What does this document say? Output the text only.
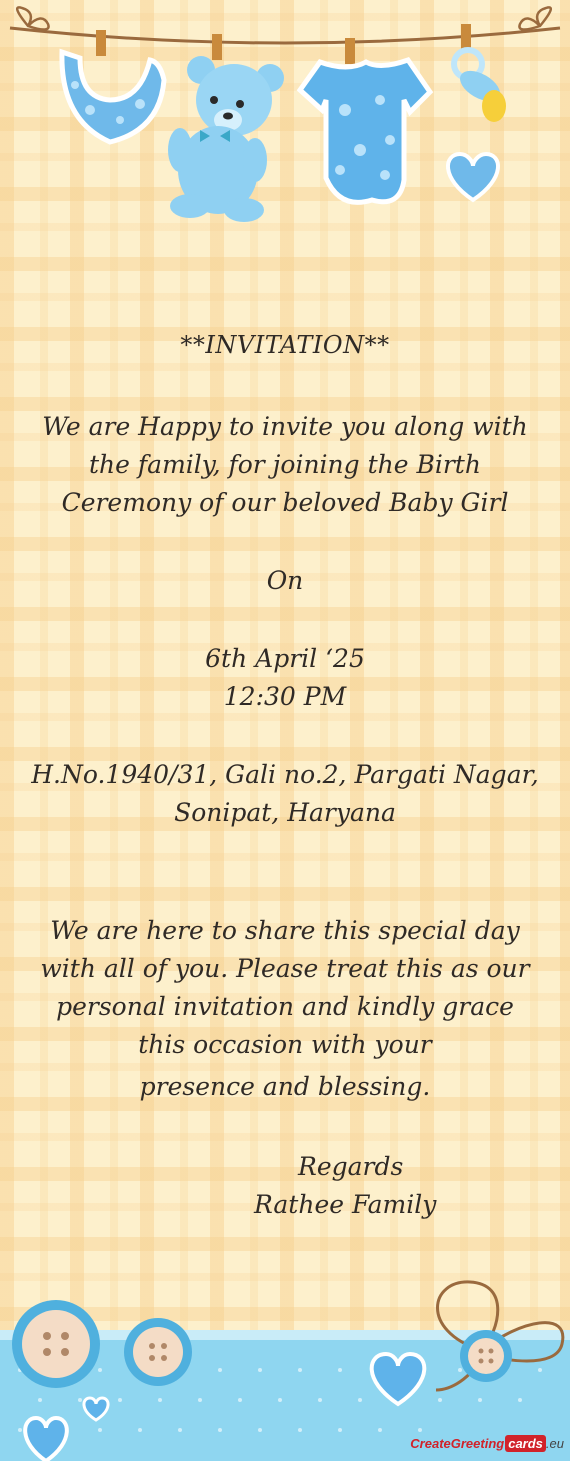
**INVITATION**
We are Happy to invite you along with the family, for joining the Birth Ceremony of our beloved Baby Girl
On
6th April ‘25
12:30 PM
H.No.1940/31, Gali no.2, Pargati Nagar, Sonipat, Haryana
We are here to share this special day with all of you. Please treat this as our personal invitation and kindly grace this occasion with your
presence and blessing.
Regards
Rathee Family
CreateGreeting cards .eu
